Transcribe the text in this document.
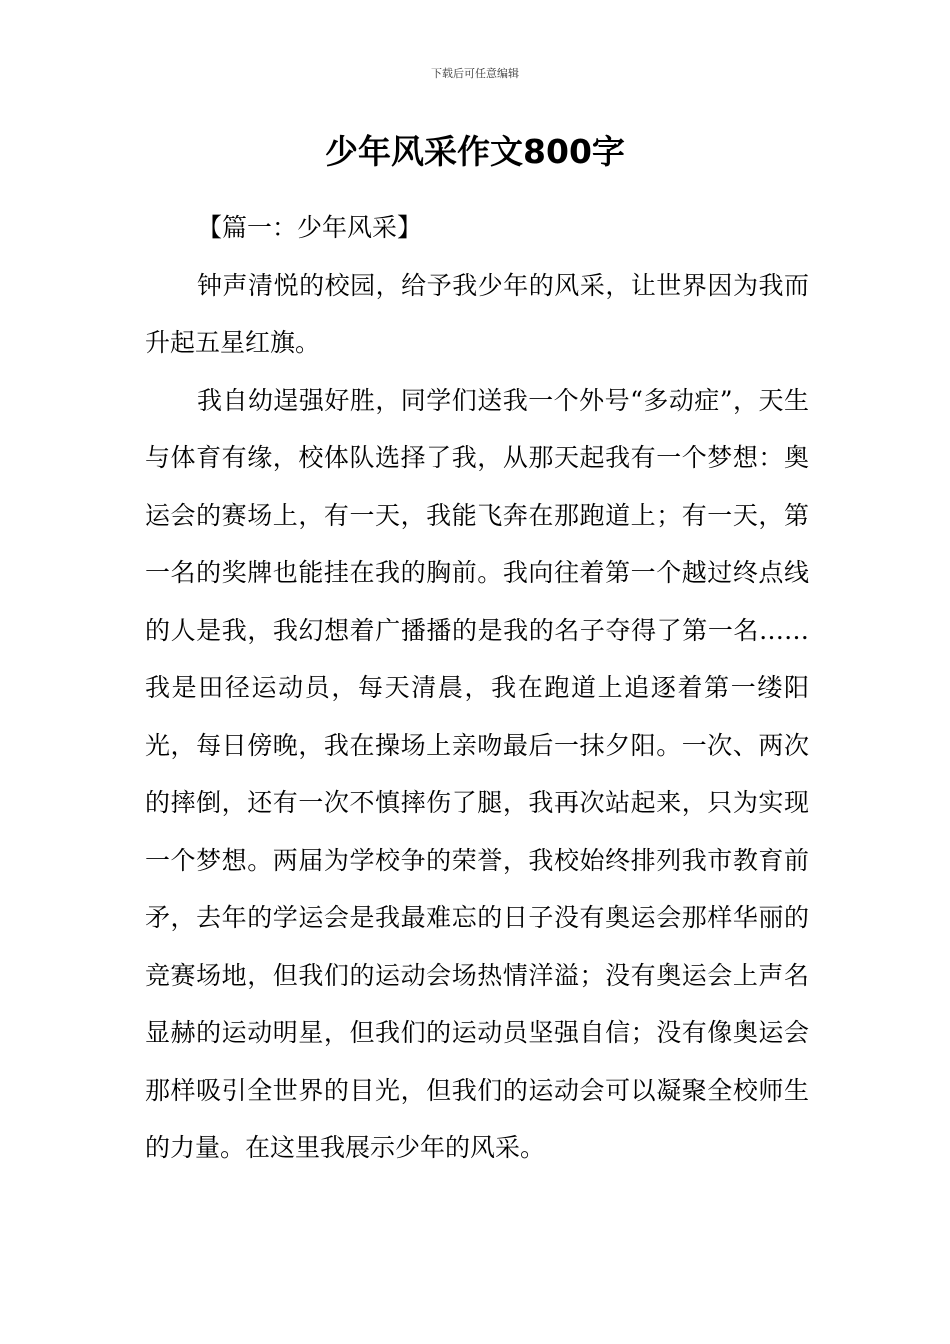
下载后可任意编辑
少年风采作文800字

【篇一：少年风采】

钟声清悦的校园，给予我少年的风采，让世界因为我而升起五星红旗。

我自幼逞强好胜，同学们送我一个外号“多动症”，天生与体育有缘，校体队选择了我，从那天起我有一个梦想：奥运会的赛场上，有一天，我能飞奔在那跑道上；有一天，第一名的奖牌也能挂在我的胸前。我向往着第一个越过终点线的人是我，我幻想着广播播的是我的名子夺得了第一名……我是田径运动员，每天清晨，我在跑道上追逐着第一缕阳光，每日傍晚，我在操场上亲吻最后一抹夕阳。一次、两次的摔倒，还有一次不慎摔伤了腿，我再次站起来，只为实现一个梦想。两届为学校争的荣誉，我校始终排列我市教育前矛，去年的学运会是我最难忘的日子没有奥运会那样华丽的竞赛场地，但我们的运动会场热情洋溢；没有奥运会上声名显赫的运动明星，但我们的运动员坚强自信；没有像奥运会那样吸引全世界的目光，但我们的运动会可以凝聚全校师生的力量。在这里我展示少年的风采。
